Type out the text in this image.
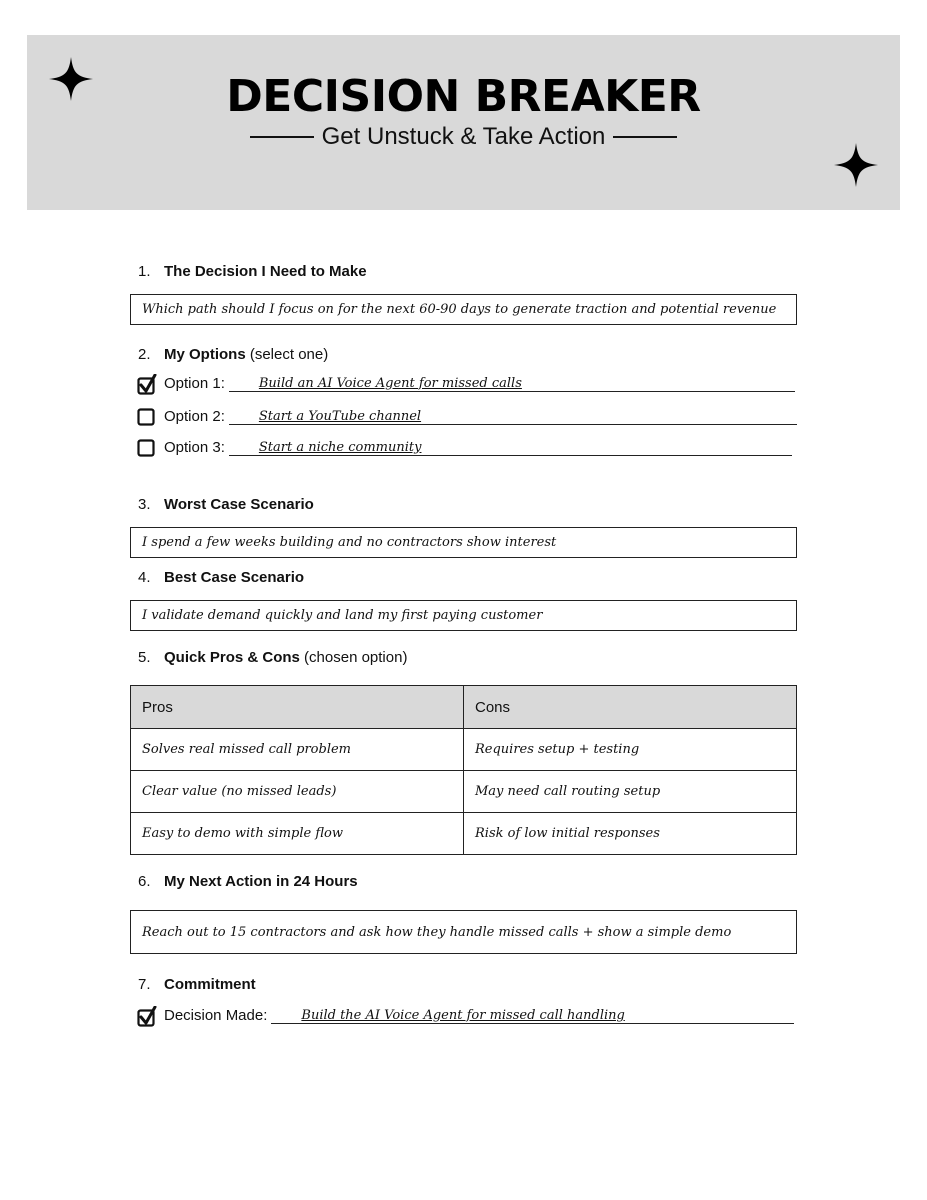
DECISION BREAKER
Get Unstuck & Take Action
1. The Decision I Need to Make
Which path should I focus on for the next 60-90 days to generate traction and potential revenue
2. My Options (select one)
Option 1:	Build an AI Voice Agent for missed calls
Option 2:	Start a YouTube channel
Option 3:	Start a niche community
3. Worst Case Scenario
I spend a few weeks building and no contractors show interest
4. Best Case Scenario
I validate demand quickly and land my first paying customer
5. Quick Pros & Cons (chosen option)
Pros	Cons
Solves real missed call problem	Requires setup + testing
Clear value (no missed leads)	May need call routing setup
Easy to demo with simple flow	Risk of low initial responses
6. My Next Action in 24 Hours
Reach out to 15 contractors and ask how they handle missed calls + show a simple demo
7. Commitment
Decision Made:	Build the AI Voice Agent for missed call handling
